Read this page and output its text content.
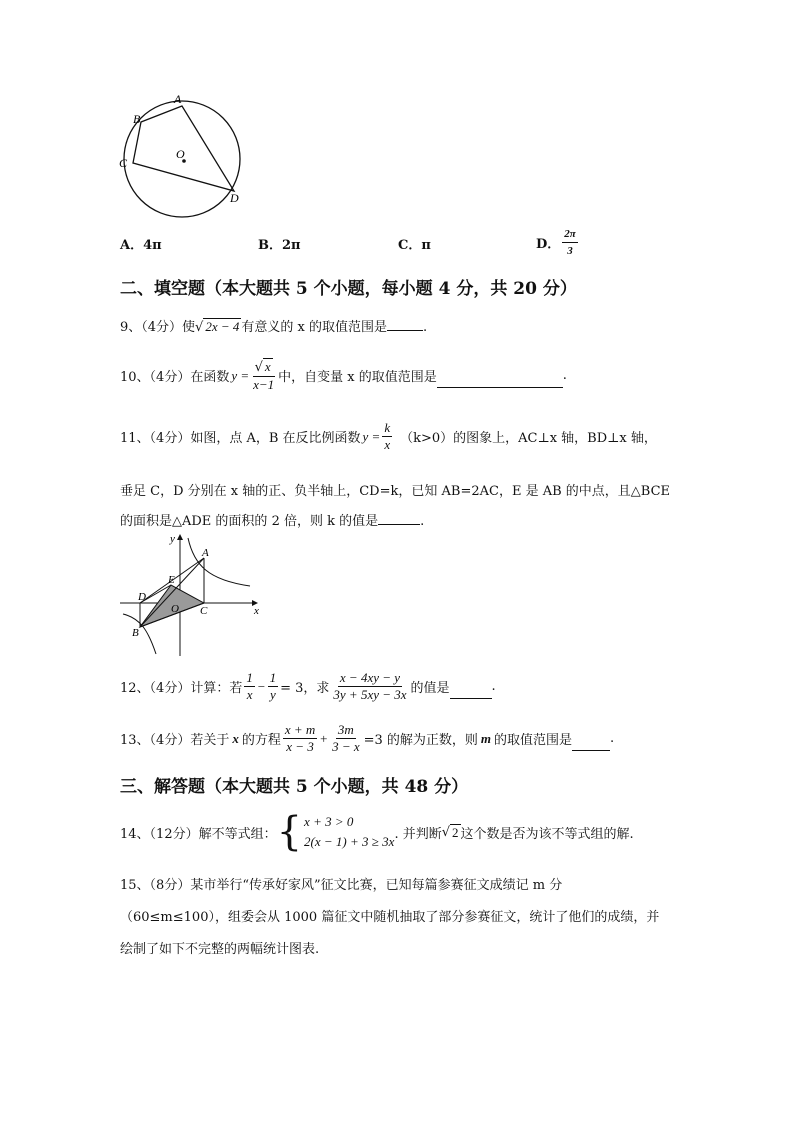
A
B
C
D
O
A．4π	B．2π	C．π	D． $\frac{2\pi}{3}$
二、填空题（本大题共 5 个小题，每小题 4 分，共 20 分）
9、（4分）使√ 2x − 4 有意义的 x 的取值范围是	.
10、（4分）在函数 $y = \frac{√ x}{x-1}$ 中，自变量 x 的取值范围是	.
11、（4分）如图，点 A，B 在反比例函数 $y = \frac{k}{x} (k>0)$的图象上，AC⊥x 轴，BD⊥x 轴，
垂足 C，D 分别在 x 轴的正、负半轴上，CD=k，已知 AB=2AC，E 是 AB 的中点，且△BCE
的面积是△ADE 的面积的 2 倍，则 k 的值是	.
y
x
A
B
C
D
E
O
12、（4分）计算：若 $\frac{1}{x} - \frac{1}{y} = 3$，求 $\frac{x - 4xy - y}{3y + 5xy - 3x}$ 的值是	.
13、（4分）若关于 x 的方程 $\frac{x + m}{x - 3} + \frac{3m}{3 - x} =3$ 的解为正数，则 m 的取值范围是	.
三、解答题（本大题共 5 个小题，共 48 分）
14、（12分）解不等式组： { x + 3 > 0
2(x − 1) + 3 ≥ 3x . 并判断 √ 2 这个数是否为该不等式组的解.
15、（8分）某市举行“传承好家风”征文比赛，已知每篇参赛征文成绩记 m 分
（60≤m≤100），组委会从 1000 篇征文中随机抽取了部分参赛征文，统计了他们的成绩，并
绘制了如下不完整的两幅统计图表.
